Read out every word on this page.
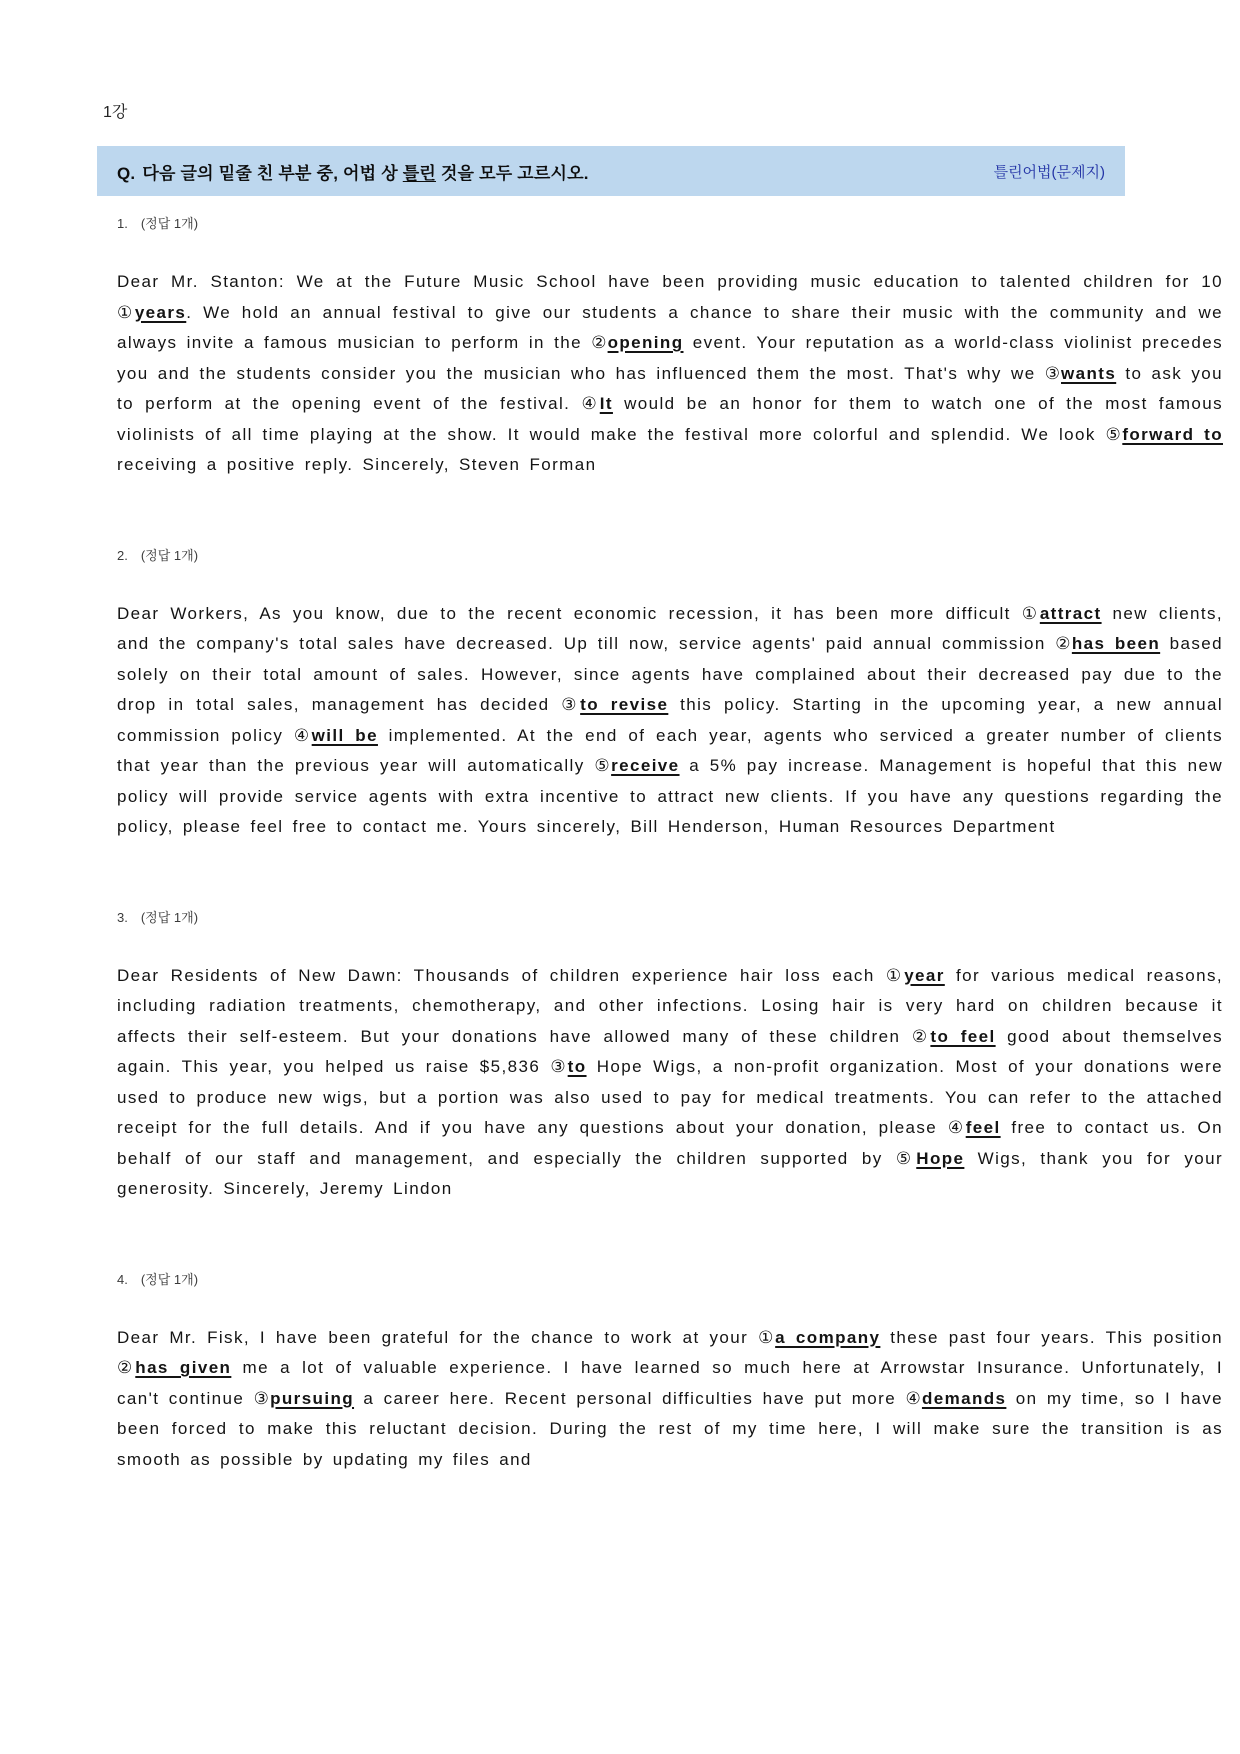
1강
Q. 다음 글의 밑줄 친 부분 중, 어법 상 틀린 것을 모두 고르시오.	틀린어법(문제지)
1. (정답 1개)

Dear Mr. Stanton: We at the Future Music School have been providing music education to talented children for 10 ①years. We hold an annual festival to give our students a chance to share their music with the community and we always invite a famous musician to perform in the ②opening event. Your reputation as a world-class violinist precedes you and the students consider you the musician who has influenced them the most. That's why we ③wants to ask you to perform at the opening event of the festival. ④It would be an honor for them to watch one of the most famous violinists of all time playing at the show. It would make the festival more colorful and splendid. We look ⑤forward to receiving a positive reply. Sincerely, Steven Forman

2. (정답 1개)

Dear Workers, As you know, due to the recent economic recession, it has been more difficult ①attract new clients, and the company's total sales have decreased. Up till now, service agents' paid annual commission ②has been based solely on their total amount of sales. However, since agents have complained about their decreased pay due to the drop in total sales, management has decided ③to revise this policy. Starting in the upcoming year, a new annual commission policy ④will be implemented. At the end of each year, agents who serviced a greater number of clients that year than the previous year will automatically ⑤receive a 5% pay increase. Management is hopeful that this new policy will provide service agents with extra incentive to attract new clients. If you have any questions regarding the policy, please feel free to contact me. Yours sincerely, Bill Henderson, Human Resources Department

3. (정답 1개)

Dear Residents of New Dawn: Thousands of children experience hair loss each ①year for various medical reasons, including radiation treatments, chemotherapy, and other infections. Losing hair is very hard on children because it affects their self-esteem. But your donations have allowed many of these children ②to feel good about themselves again. This year, you helped us raise $5,836 ③to Hope Wigs, a non-profit organization. Most of your donations were used to produce new wigs, but a portion was also used to pay for medical treatments. You can refer to the attached receipt for the full details. And if you have any questions about your donation, please ④feel free to contact us. On behalf of our staff and management, and especially the children supported by ⑤Hope Wigs, thank you for your generosity. Sincerely, Jeremy Lindon

4. (정답 1개)

Dear Mr. Fisk, I have been grateful for the chance to work at your ①a company these past four years. This position ②has given me a lot of valuable experience. I have learned so much here at Arrowstar Insurance. Unfortunately, I can't continue ③pursuing a career here. Recent personal difficulties have put more ④demands on my time, so I have been forced to make this reluctant decision. During the rest of my time here, I will make sure the transition is as smooth as possible by updating my files and
